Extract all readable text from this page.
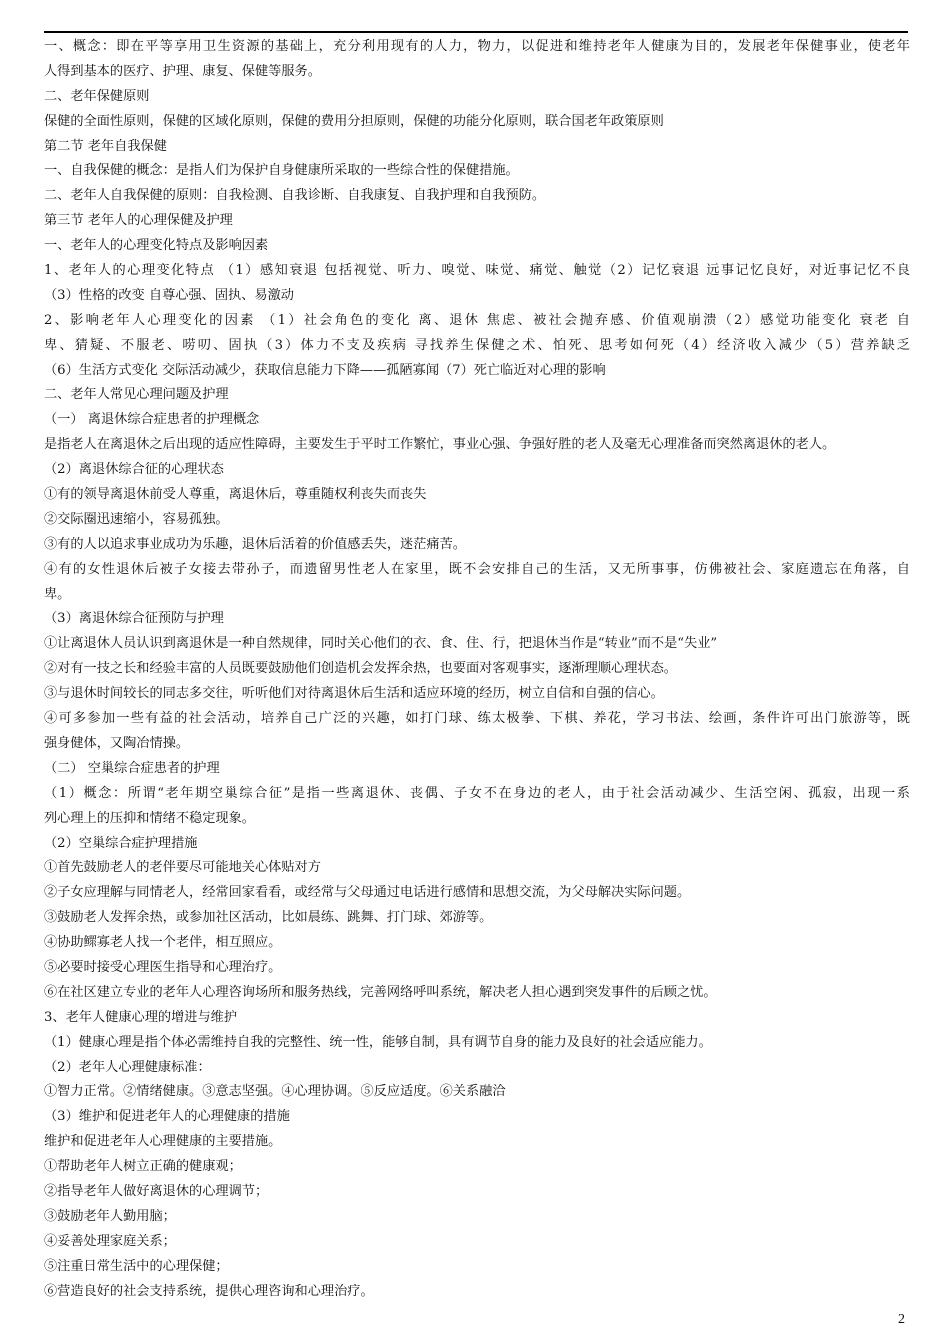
一、概念：即在平等享用卫生资源的基础上，充分利用现有的人力，物力，以促进和维持老年人健康为目的，发展老年保健事业，使老年
人得到基本的医疗、护理、康复、保健等服务。
二、老年保健原则
保健的全面性原则，保健的区域化原则，保健的费用分担原则，保健的功能分化原则，联合国老年政策原则
第二节 老年自我保健
一、自我保健的概念：是指人们为保护自身健康所采取的一些综合性的保健措施。
二、老年人自我保健的原则：自我检测、自我诊断、自我康复、自我护理和自我预防。
第三节 老年人的心理保健及护理
一、老年人的心理变化特点及影响因素
1、老年人的心理变化特点 （1）感知衰退 包括视觉、听力、嗅觉、味觉、痛觉、触觉（2）记忆衰退 远事记忆良好，对近事记忆不良
（3）性格的改变 自尊心强、固执、易激动
2、影响老年人心理变化的因素 （1）社会角色的变化 离、退休 焦虑、被社会抛弃感、价值观崩溃（2）感觉功能变化 衰老 自
卑、猜疑、不服老、唠叨、固执（3）体力不支及疾病 寻找养生保健之术、怕死、思考如何死（4）经济收入减少（5）营养缺乏
（6）生活方式变化 交际活动减少，获取信息能力下降——孤陋寡闻（7）死亡临近对心理的影响
二、老年人常见心理问题及护理
（一） 离退休综合症患者的护理概念
是指老人在离退休之后出现的适应性障碍，主要发生于平时工作繁忙，事业心强、争强好胜的老人及毫无心理准备而突然离退休的老人。
（2）离退休综合征的心理状态
①有的领导离退休前受人尊重，离退休后，尊重随权利丧失而丧失
②交际圈迅速缩小，容易孤独。
③有的人以追求事业成功为乐趣，退休后活着的价值感丢失，迷茫痛苦。
④有的女性退休后被子女接去带孙子，而遗留男性老人在家里，既不会安排自己的生活，又无所事事，仿佛被社会、家庭遗忘在角落，自
卑。
（3）离退休综合征预防与护理
①让离退休人员认识到离退休是一种自然规律，同时关心他们的衣、食、住、行，把退休当作是“转业”而不是“失业”
②对有一技之长和经验丰富的人员既要鼓励他们创造机会发挥余热，也要面对客观事实，逐渐理顺心理状态。
③与退休时间较长的同志多交往，听听他们对待离退休后生活和适应环境的经历，树立自信和自强的信心。
④可多参加一些有益的社会活动，培养自己广泛的兴趣，如打门球、练太极拳、下棋、养花，学习书法、绘画，条件许可出门旅游等，既
强身健体，又陶冶情操。
（二） 空巢综合症患者的护理
（1）概念：所谓“老年期空巢综合征”是指一些离退休、丧偶、子女不在身边的老人，由于社会活动减少、生活空闲、孤寂，出现一系
列心理上的压抑和情绪不稳定现象。
（2）空巢综合症护理措施
①首先鼓励老人的老伴要尽可能地关心体贴对方
②子女应理解与同情老人，经常回家看看，或经常与父母通过电话进行感情和思想交流，为父母解决实际问题。
③鼓励老人发挥余热，或参加社区活动，比如晨练、跳舞、打门球、郊游等。
④协助鳏寡老人找一个老伴，相互照应。
⑤必要时接受心理医生指导和心理治疗。
⑥在社区建立专业的老年人心理咨询场所和服务热线，完善网络呼叫系统，解决老人担心遇到突发事件的后顾之忧。
3、老年人健康心理的增进与维护
（1）健康心理是指个体必需维持自我的完整性、统一性，能够自制，具有调节自身的能力及良好的社会适应能力。
（2）老年人心理健康标准：
①智力正常。②情绪健康。③意志坚强。④心理协调。⑤反应适度。⑥关系融洽
（3）维护和促进老年人的心理健康的措施
维护和促进老年人心理健康的主要措施。
①帮助老年人树立正确的健康观；
②指导老年人做好离退休的心理调节；
③鼓励老年人勤用脑；
④妥善处理家庭关系；
⑤注重日常生活中的心理保健；
⑥营造良好的社会支持系统，提供心理咨询和心理治疗。
2
